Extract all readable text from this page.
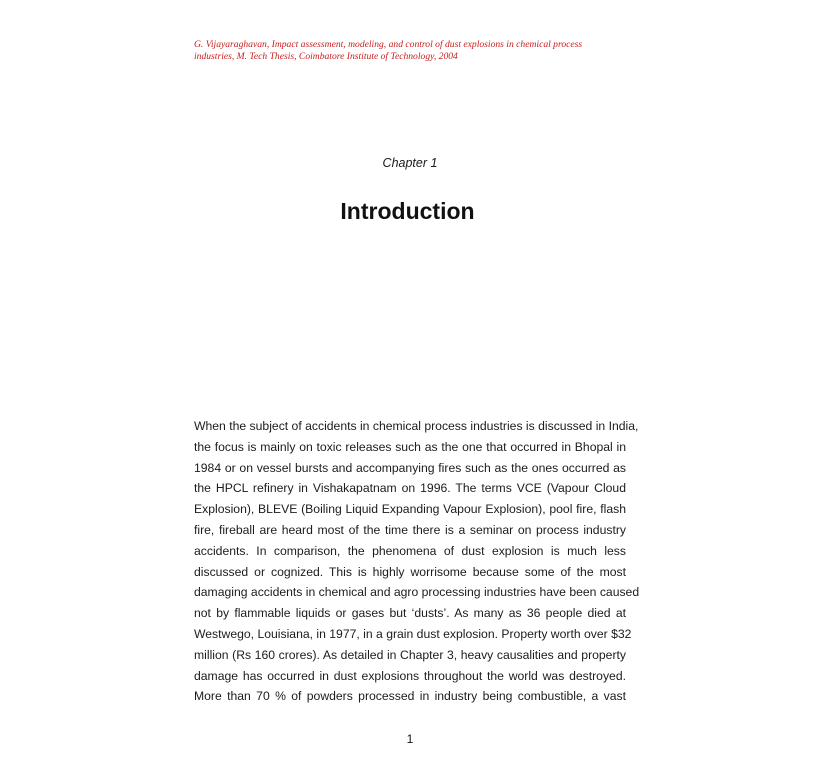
G. Vijayaraghavan, Impact assessment, modeling, and control of dust explosions in chemical process
industries, M. Tech Thesis, Coimbatore Institute of Technology, 2004
Chapter 1
Introduction
When the subject of accidents in chemical process industries is discussed in India,
the focus is mainly on toxic releases such as the one that occurred in Bhopal in
1984 or on vessel bursts and accompanying fires such as the ones occurred as
the HPCL refinery in Vishakapatnam on 1996. The terms VCE (Vapour Cloud
Explosion), BLEVE (Boiling Liquid Expanding Vapour Explosion), pool fire, flash
fire, fireball are heard most of the time there is a seminar on process industry
accidents. In comparison, the phenomena of dust explosion is much less
discussed or cognized. This is highly worrisome because some of the most
damaging accidents in chemical and agro processing industries have been caused
not by flammable liquids or gases but ‘dusts’. As many as 36 people died at
Westwego, Louisiana, in 1977, in a grain dust explosion. Property worth over $32
million (Rs 160 crores). As detailed in Chapter 3, heavy causalities and property
damage has occurred in dust explosions throughout the world was destroyed.
More than 70 % of powders processed in industry being combustible, a vast
1
